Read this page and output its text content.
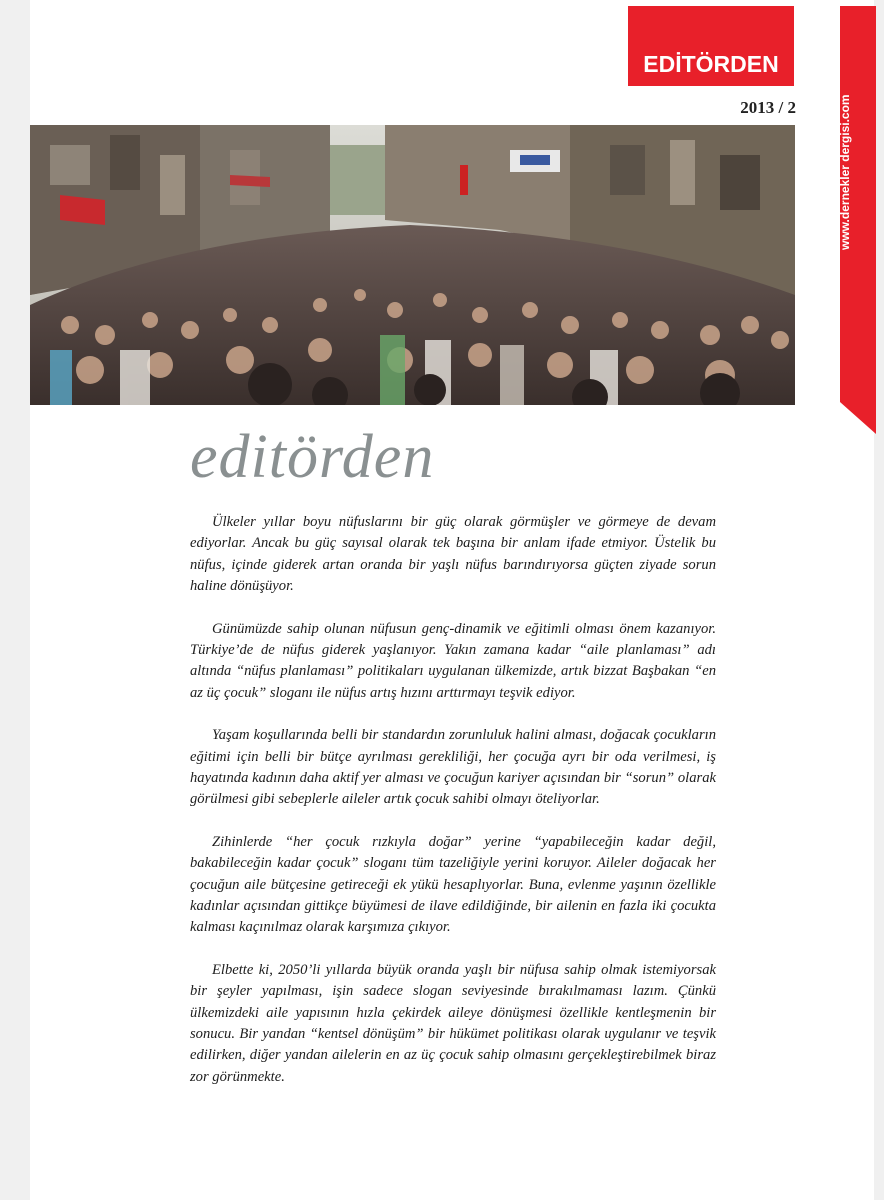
EDİTÖRDEN
2013 / 2	www.dernekler dergisi.com
editörden

Ülkeler yıllar boyu nüfuslarını bir güç olarak görmüşler ve görmeye de devam ediyorlar. Ancak bu güç sayısal olarak tek başına bir anlam ifade etmiyor. Üstelik bu nüfus, içinde giderek artan oranda bir yaşlı nüfus barındırıyorsa güçten ziyade sorun haline dönüşüyor.

Günümüzde sahip olunan nüfusun genç-dinamik ve eğitimli olması önem kazanıyor. Türkiye’de de nüfus giderek yaşlanıyor. Yakın zamana kadar “aile planlaması” adı altında “nüfus planlaması” politikaları uygulanan ülkemizde, artık bizzat Başbakan “en az üç çocuk” sloganı ile nüfus artış hızını arttırmayı teşvik ediyor.

Yaşam koşullarında belli bir standardın zorunluluk halini alması, doğacak çocukların eğitimi için belli bir bütçe ayrılması gerekliliği, her çocuğa ayrı bir oda verilmesi, iş hayatında kadının daha aktif yer alması ve çocuğun kariyer açısından bir “sorun” olarak görülmesi gibi sebeplerle aileler artık çocuk sahibi olmayı öteliyorlar.

Zihinlerde “her çocuk rızkıyla doğar” yerine “yapabileceğin kadar değil, bakabileceğin kadar çocuk” sloganı tüm tazeliğiyle yerini koruyor. Aileler doğacak her çocuğun aile bütçesine getireceği ek yükü hesaplıyorlar. Buna, evlenme yaşının özellikle kadınlar açısından gittikçe büyümesi de ilave edildiğinde, bir ailenin en fazla iki çocukta kalması kaçınılmaz olarak karşımıza çıkıyor.

Elbette ki, 2050’li yıllarda büyük oranda yaşlı bir nüfusa sahip olmak istemiyorsak bir şeyler yapılması, işin sadece slogan seviyesinde bırakılmaması lazım. Çünkü ülkemizdeki aile yapısının hızla çekirdek aileye dönüşmesi özellikle kentleşmenin bir sonucu. Bir yandan “kentsel dönüşüm” bir hükümet politikası olarak uygulanır ve teşvik edilirken, diğer yandan ailelerin en az üç çocuk sahip olmasını gerçekleştirebilmek biraz zor görünmekte.
